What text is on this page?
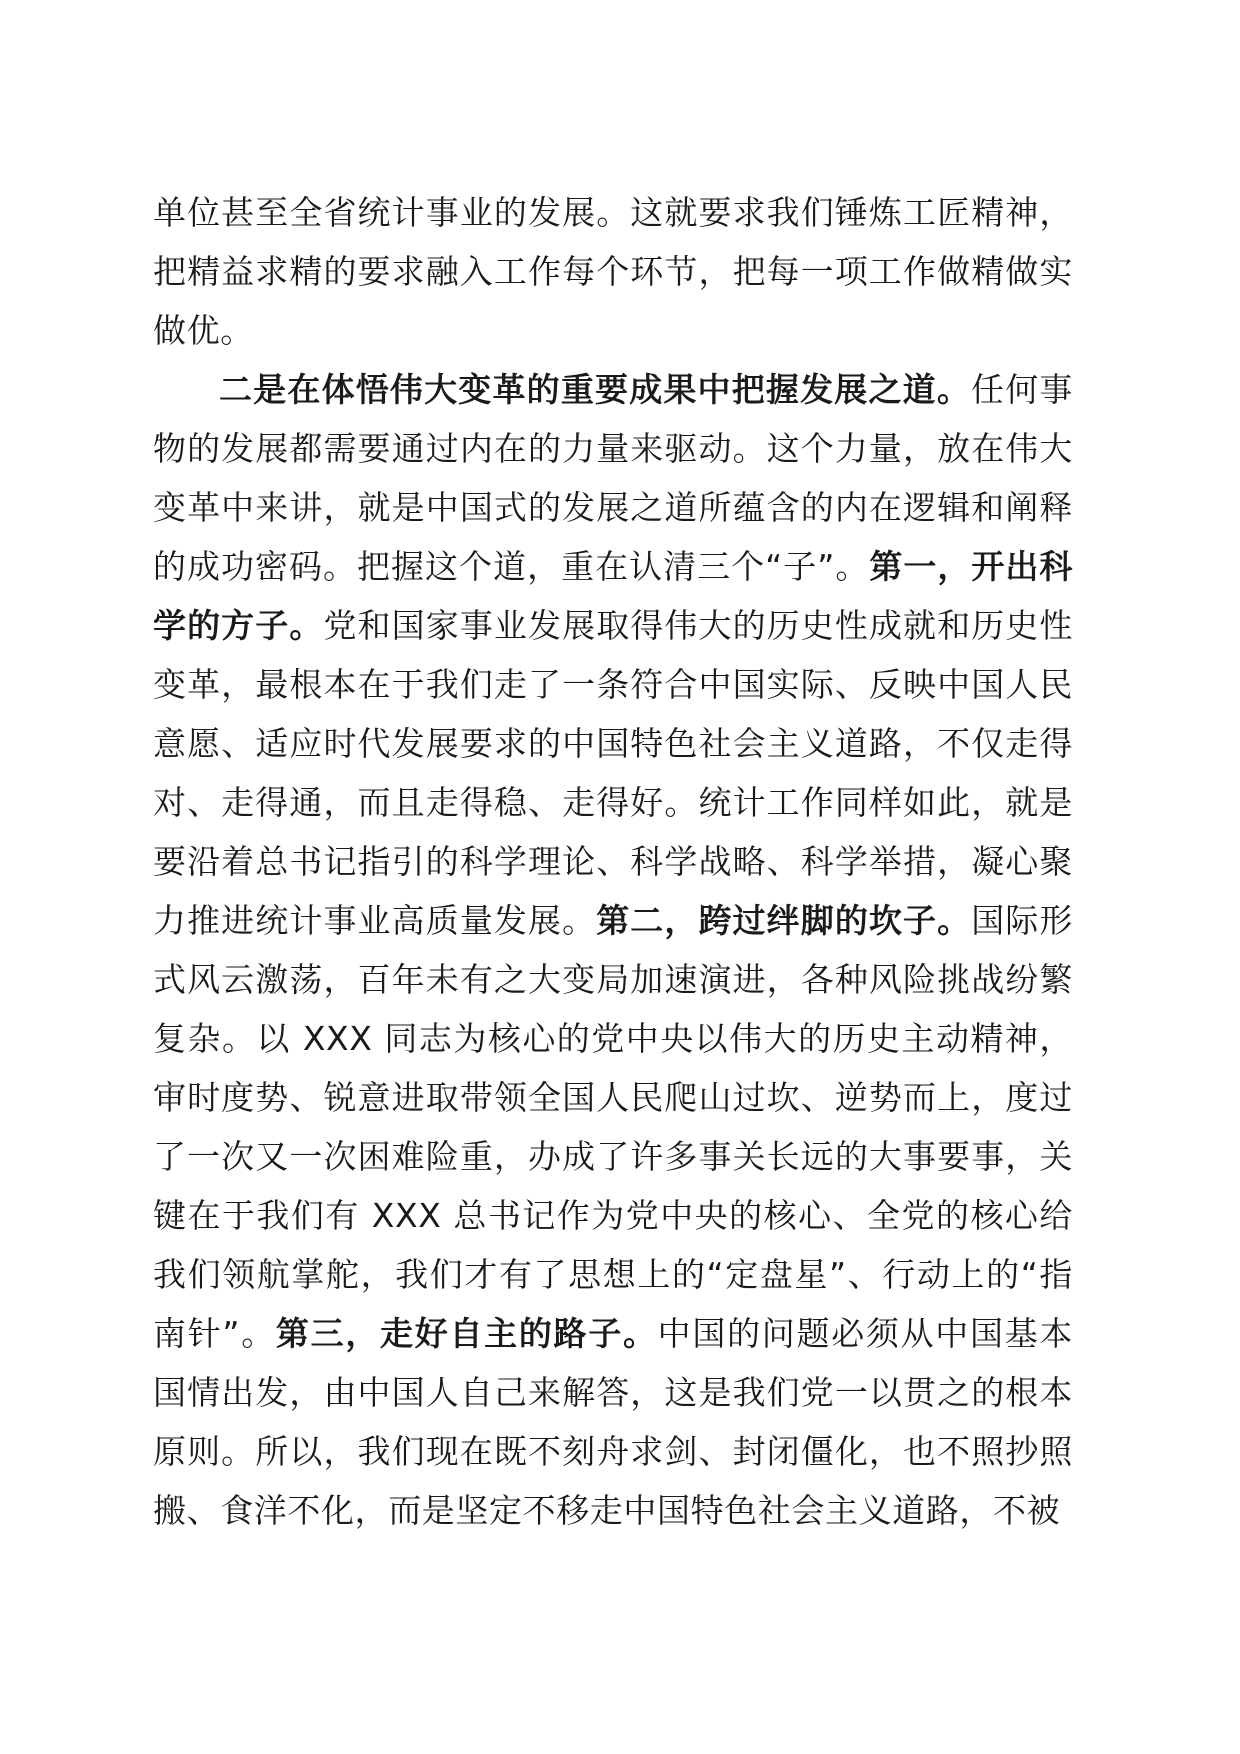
单位甚至全省统计事业的发展。这就要求我们锤炼工匠精神，把精益求精的要求融入工作每个环节，把每一项工作做精做实做优。

二是在体悟伟大变革的重要成果中把握发展之道。任何事物的发展都需要通过内在的力量来驱动。这个力量，放在伟大变革中来讲，就是中国式的发展之道所蕴含的内在逻辑和阐释的成功密码。把握这个道，重在认清三个“子”。第一，开出科学的方子。党和国家事业发展取得伟大的历史性成就和历史性变革，最根本在于我们走了一条符合中国实际、反映中国人民意愿、适应时代发展要求的中国特色社会主义道路，不仅走得对、走得通，而且走得稳、走得好。统计工作同样如此，就是要沿着总书记指引的科学理论、科学战略、科学举措，凝心聚力推进统计事业高质量发展。第二，跨过绊脚的坎子。国际形式风云激荡，百年未有之大变局加速演进，各种风险挑战纷繁复杂。以 XXX 同志为核心的党中央以伟大的历史主动精神，审时度势、锐意进取带领全国人民爬山过坎、逆势而上，度过了一次又一次困难险重，办成了许多事关长远的大事要事，关键在于我们有 XXX 总书记作为党中央的核心、全党的核心给我们领航掌舵，我们才有了思想上的“定盘星”、行动上的“指南针”。第三，走好自主的路子。中国的问题必须从中国基本国情出发，由中国人自己来解答，这是我们党一以贯之的根本原则。所以，我们现在既不刻舟求剑、封闭僵化，也不照抄照搬、食洋不化，而是坚定不移走中国特色社会主义道路，不被
